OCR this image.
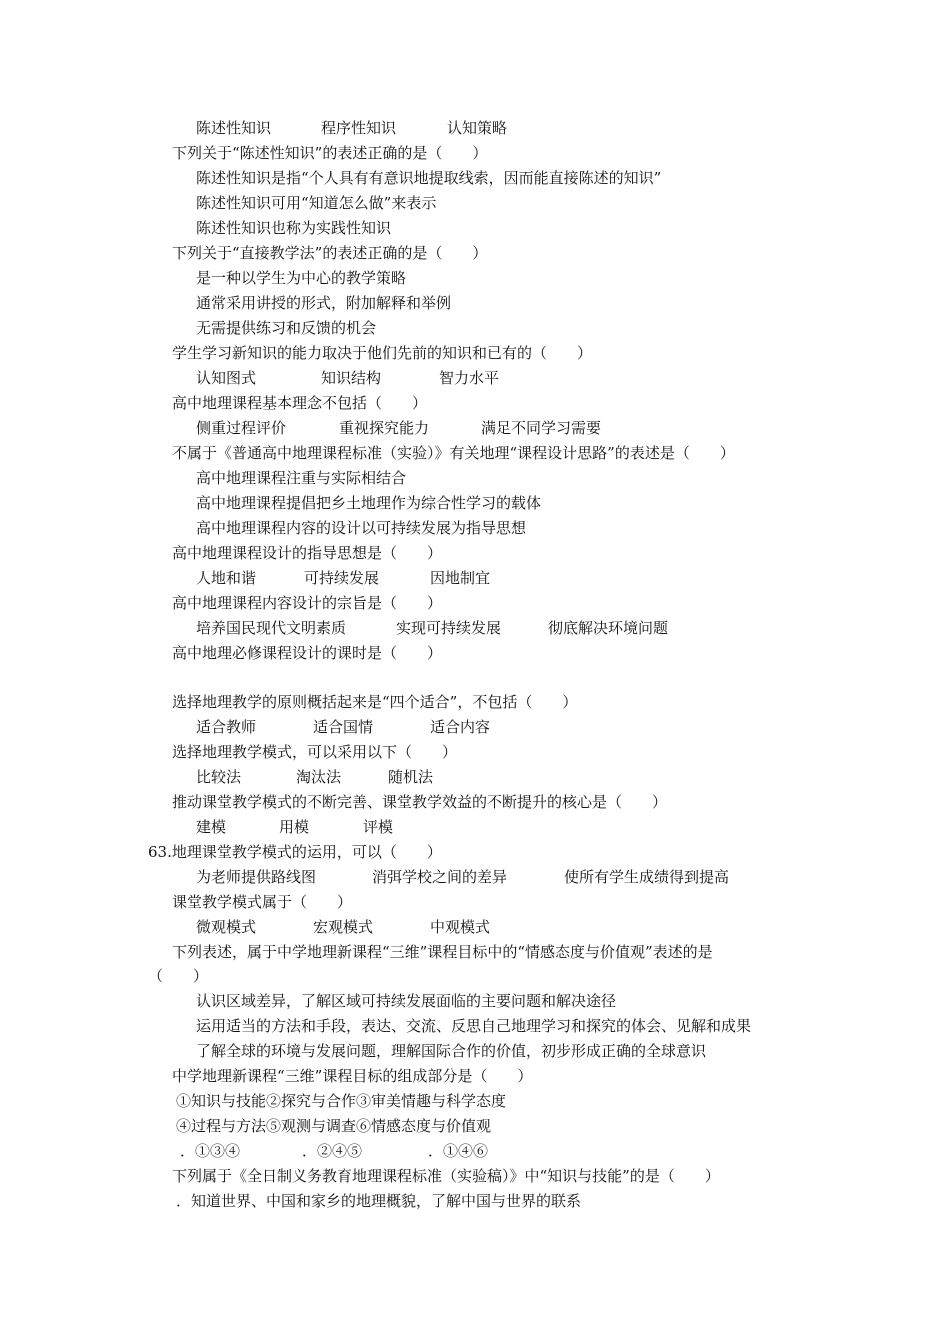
陈述性知识	程序性知识	认知策略
下列关于“陈述性知识”的表述正确的是（　　）
陈述性知识是指“个人具有有意识地提取线索，因而能直接陈述的知识”
陈述性知识可用“知道怎么做”来表示
陈述性知识也称为实践性知识
下列关于“直接教学法”的表述正确的是（　　）
是一种以学生为中心的教学策略
通常采用讲授的形式，附加解释和举例
无需提供练习和反馈的机会
学生学习新知识的能力取决于他们先前的知识和已有的（　　）
认知图式	知识结构	智力水平
高中地理课程基本理念不包括（　　）
侧重过程评价	重视探究能力	满足不同学习需要
不属于《普通高中地理课程标准（实验）》有关地理“课程设计思路”的表述是（　　）
高中地理课程注重与实际相结合
高中地理课程提倡把乡土地理作为综合性学习的载体
高中地理课程内容的设计以可持续发展为指导思想
高中地理课程设计的指导思想是（　　）
人地和谐	可持续发展	因地制宜
高中地理课程内容设计的宗旨是（　　）
培养国民现代文明素质	实现可持续发展	彻底解决环境问题
高中地理必修课程设计的课时是（　　）
选择地理教学的原则概括起来是“四个适合”，不包括（　　）
适合教师	适合国情	适合内容
选择地理教学模式，可以采用以下（　　）
比较法	淘汰法	随机法
推动课堂教学模式的不断完善、课堂教学效益的不断提升的核心是（　　）
建模	用模	评模
63.地理课堂教学模式的运用，可以（　　）
为老师提供路线图	消弭学校之间的差异	使所有学生成绩得到提高
课堂教学模式属于（　　）
微观模式	宏观模式	中观模式
下列表述，属于中学地理新课程“三维”课程目标中的“情感态度与价值观”表述的是
（　　）
认识区域差异，了解区域可持续发展面临的主要问题和解决途径
运用适当的方法和手段，表达、交流、反思自己地理学习和探究的体会、见解和成果
了解全球的环境与发展问题，理解国际合作的价值，初步形成正确的全球意识
中学地理新课程“三维”课程目标的组成部分是（　　）
①知识与技能②探究与合作③审美情趣与科学态度
④过程与方法⑤观测与调查⑥情感态度与价值观
．①③④	．②④⑤	．①④⑥
下列属于《全日制义务教育地理课程标准（实验稿）》中“知识与技能”的是（　　）
．知道世界、中国和家乡的地理概貌，了解中国与世界的联系
